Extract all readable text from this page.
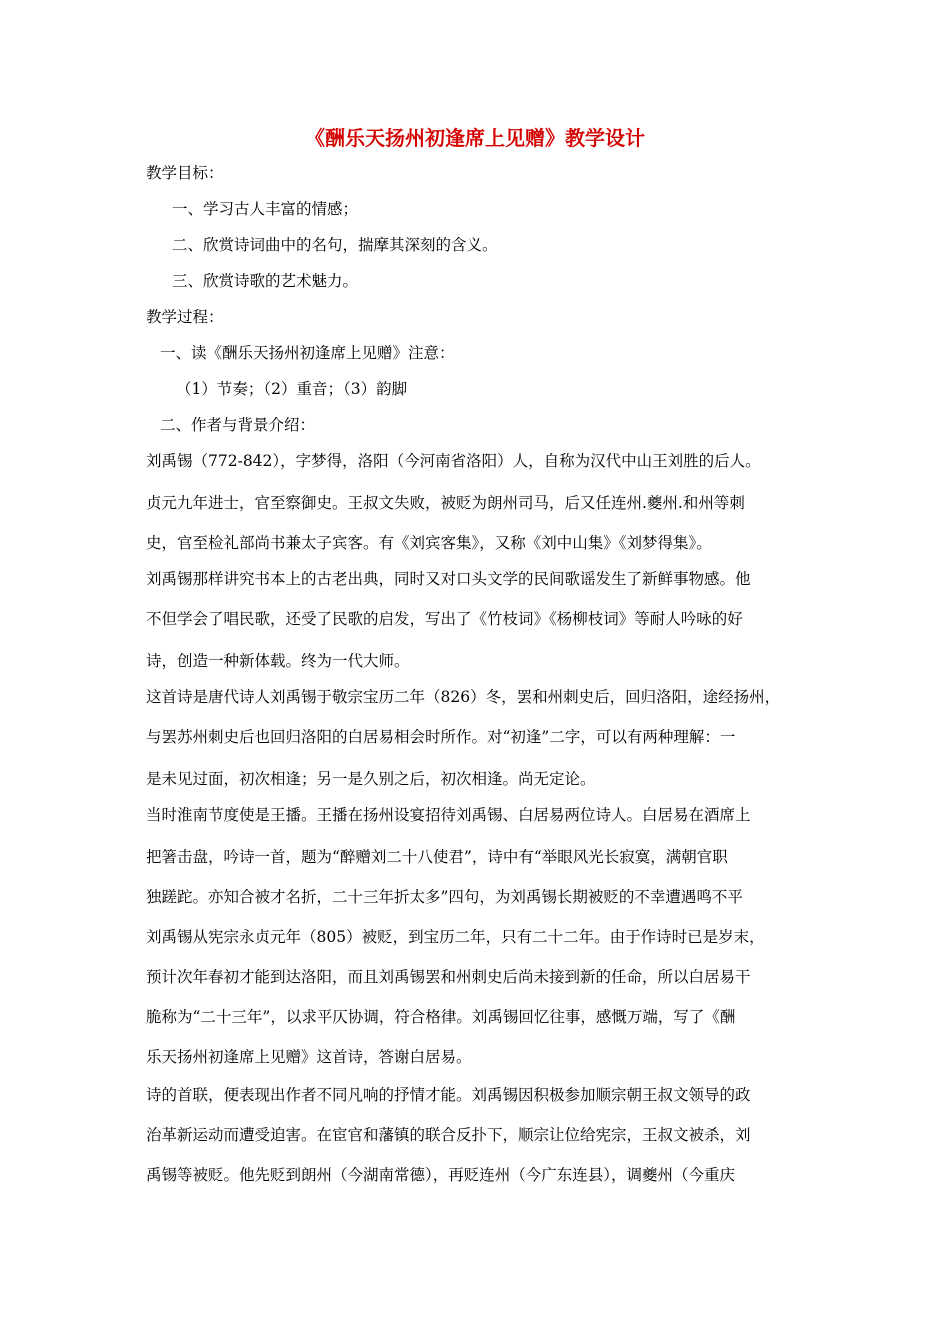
《酬乐天扬州初逢席上见赠》教学设计
教学目标：
一、学习古人丰富的情感；
二、欣赏诗词曲中的名句，揣摩其深刻的含义。
三、欣赏诗歌的艺术魅力。
教学过程：
一、读《酬乐天扬州初逢席上见赠》注意：
（1）节奏；（2）重音；（3）韵脚
二、作者与背景介绍：
刘禹锡（772-842），字梦得，洛阳（今河南省洛阳）人，自称为汉代中山王刘胜的后人。
贞元九年进士，官至察御史。王叔文失败，被贬为朗州司马，后又任连州.夔州.和州等刺
史，官至检礼部尚书兼太子宾客。有《刘宾客集》，又称《刘中山集》《刘梦得集》。
刘禹锡那样讲究书本上的古老出典，同时又对口头文学的民间歌谣发生了新鲜事物感。他
不但学会了唱民歌，还受了民歌的启发，写出了《竹枝词》《杨柳枝词》等耐人吟咏的好
诗，创造一种新体载。终为一代大师。
这首诗是唐代诗人刘禹锡于敬宗宝历二年（826）冬，罢和州刺史后，回归洛阳，途经扬州，
与罢苏州刺史后也回归洛阳的白居易相会时所作。对“初逢”二字，可以有两种理解：一
是未见过面，初次相逢；另一是久别之后，初次相逢。尚无定论。
当时淮南节度使是王播。王播在扬州设宴招待刘禹锡、白居易两位诗人。白居易在酒席上
把箸击盘，吟诗一首，题为“醉赠刘二十八使君”，诗中有“举眼风光长寂寞，满朝官职
独蹉跎。亦知合被才名折，二十三年折太多”四句，为刘禹锡长期被贬的不幸遭遇鸣不平
刘禹锡从宪宗永贞元年（805）被贬，到宝历二年，只有二十二年。由于作诗时已是岁末，
预计次年春初才能到达洛阳，而且刘禹锡罢和州刺史后尚未接到新的任命，所以白居易干
脆称为“二十三年”，以求平仄协调，符合格律。刘禹锡回忆往事，感慨万端，写了《酬
乐天扬州初逢席上见赠》这首诗，答谢白居易。
诗的首联，便表现出作者不同凡响的抒情才能。刘禹锡因积极参加顺宗朝王叔文领导的政
治革新运动而遭受迫害。在宦官和藩镇的联合反扑下，顺宗让位给宪宗，王叔文被杀，刘
禹锡等被贬。他先贬到朗州（今湖南常德），再贬连州（今广东连县），调夔州（今重庆
